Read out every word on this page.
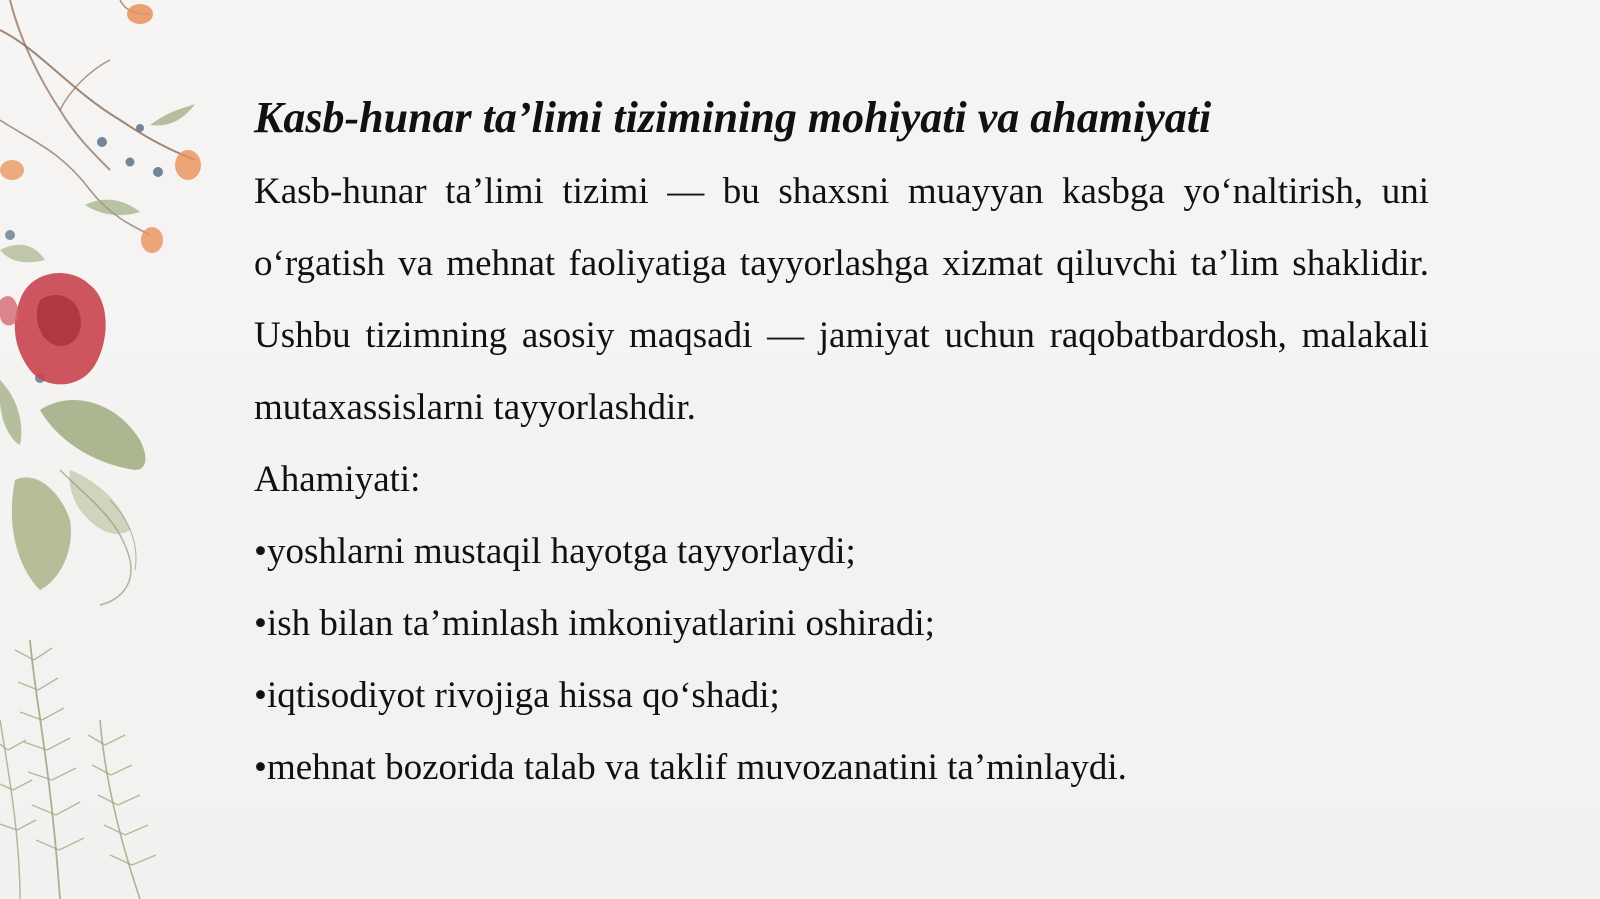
Kasb-hunar ta’limi tizimining mohiyati va ahamiyati

Kasb-hunar ta’limi tizimi — bu shaxsni muayyan kasbga yo‘naltirish, uni o‘rgatish va mehnat faoliyatiga tayyorlashga xizmat qiluvchi ta’lim shaklidir. Ushbu tizimning asosiy maqsadi — jamiyat uchun raqobatbardosh, malakali mutaxassislarni tayyorlashdir.

Ahamiyati:

•yoshlarni mustaqil hayotga tayyorlaydi;
•ish bilan ta’minlash imkoniyatlarini oshiradi;
•iqtisodiyot rivojiga hissa qo‘shadi;
•mehnat bozorida talab va taklif muvozanatini ta’minlaydi.
